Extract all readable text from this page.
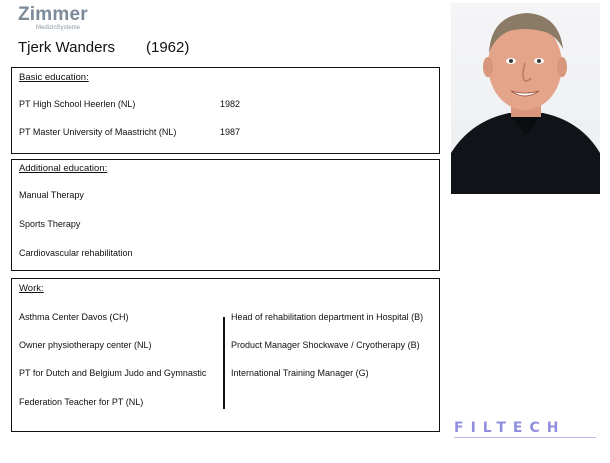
Zimmer
MedizinSysteme
Tjerk Wanders (1962)
Basic education:
PT High School Heerlen (NL)	1982
PT Master University of Maastricht (NL)	1987
Additional education:
Manual Therapy
Sports Therapy
Cardiovascular rehabilitation
Work:
Asthma Center Davos (CH)
Owner physiotherapy center (NL)
PT for Dutch and Belgium Judo and Gymnastic
Federation Teacher for PT (NL)
Head of rehabilitation department in Hospital (B)
Product Manager Shockwave / Cryotherapy (B)
International Training Manager (G)
FILTECH
